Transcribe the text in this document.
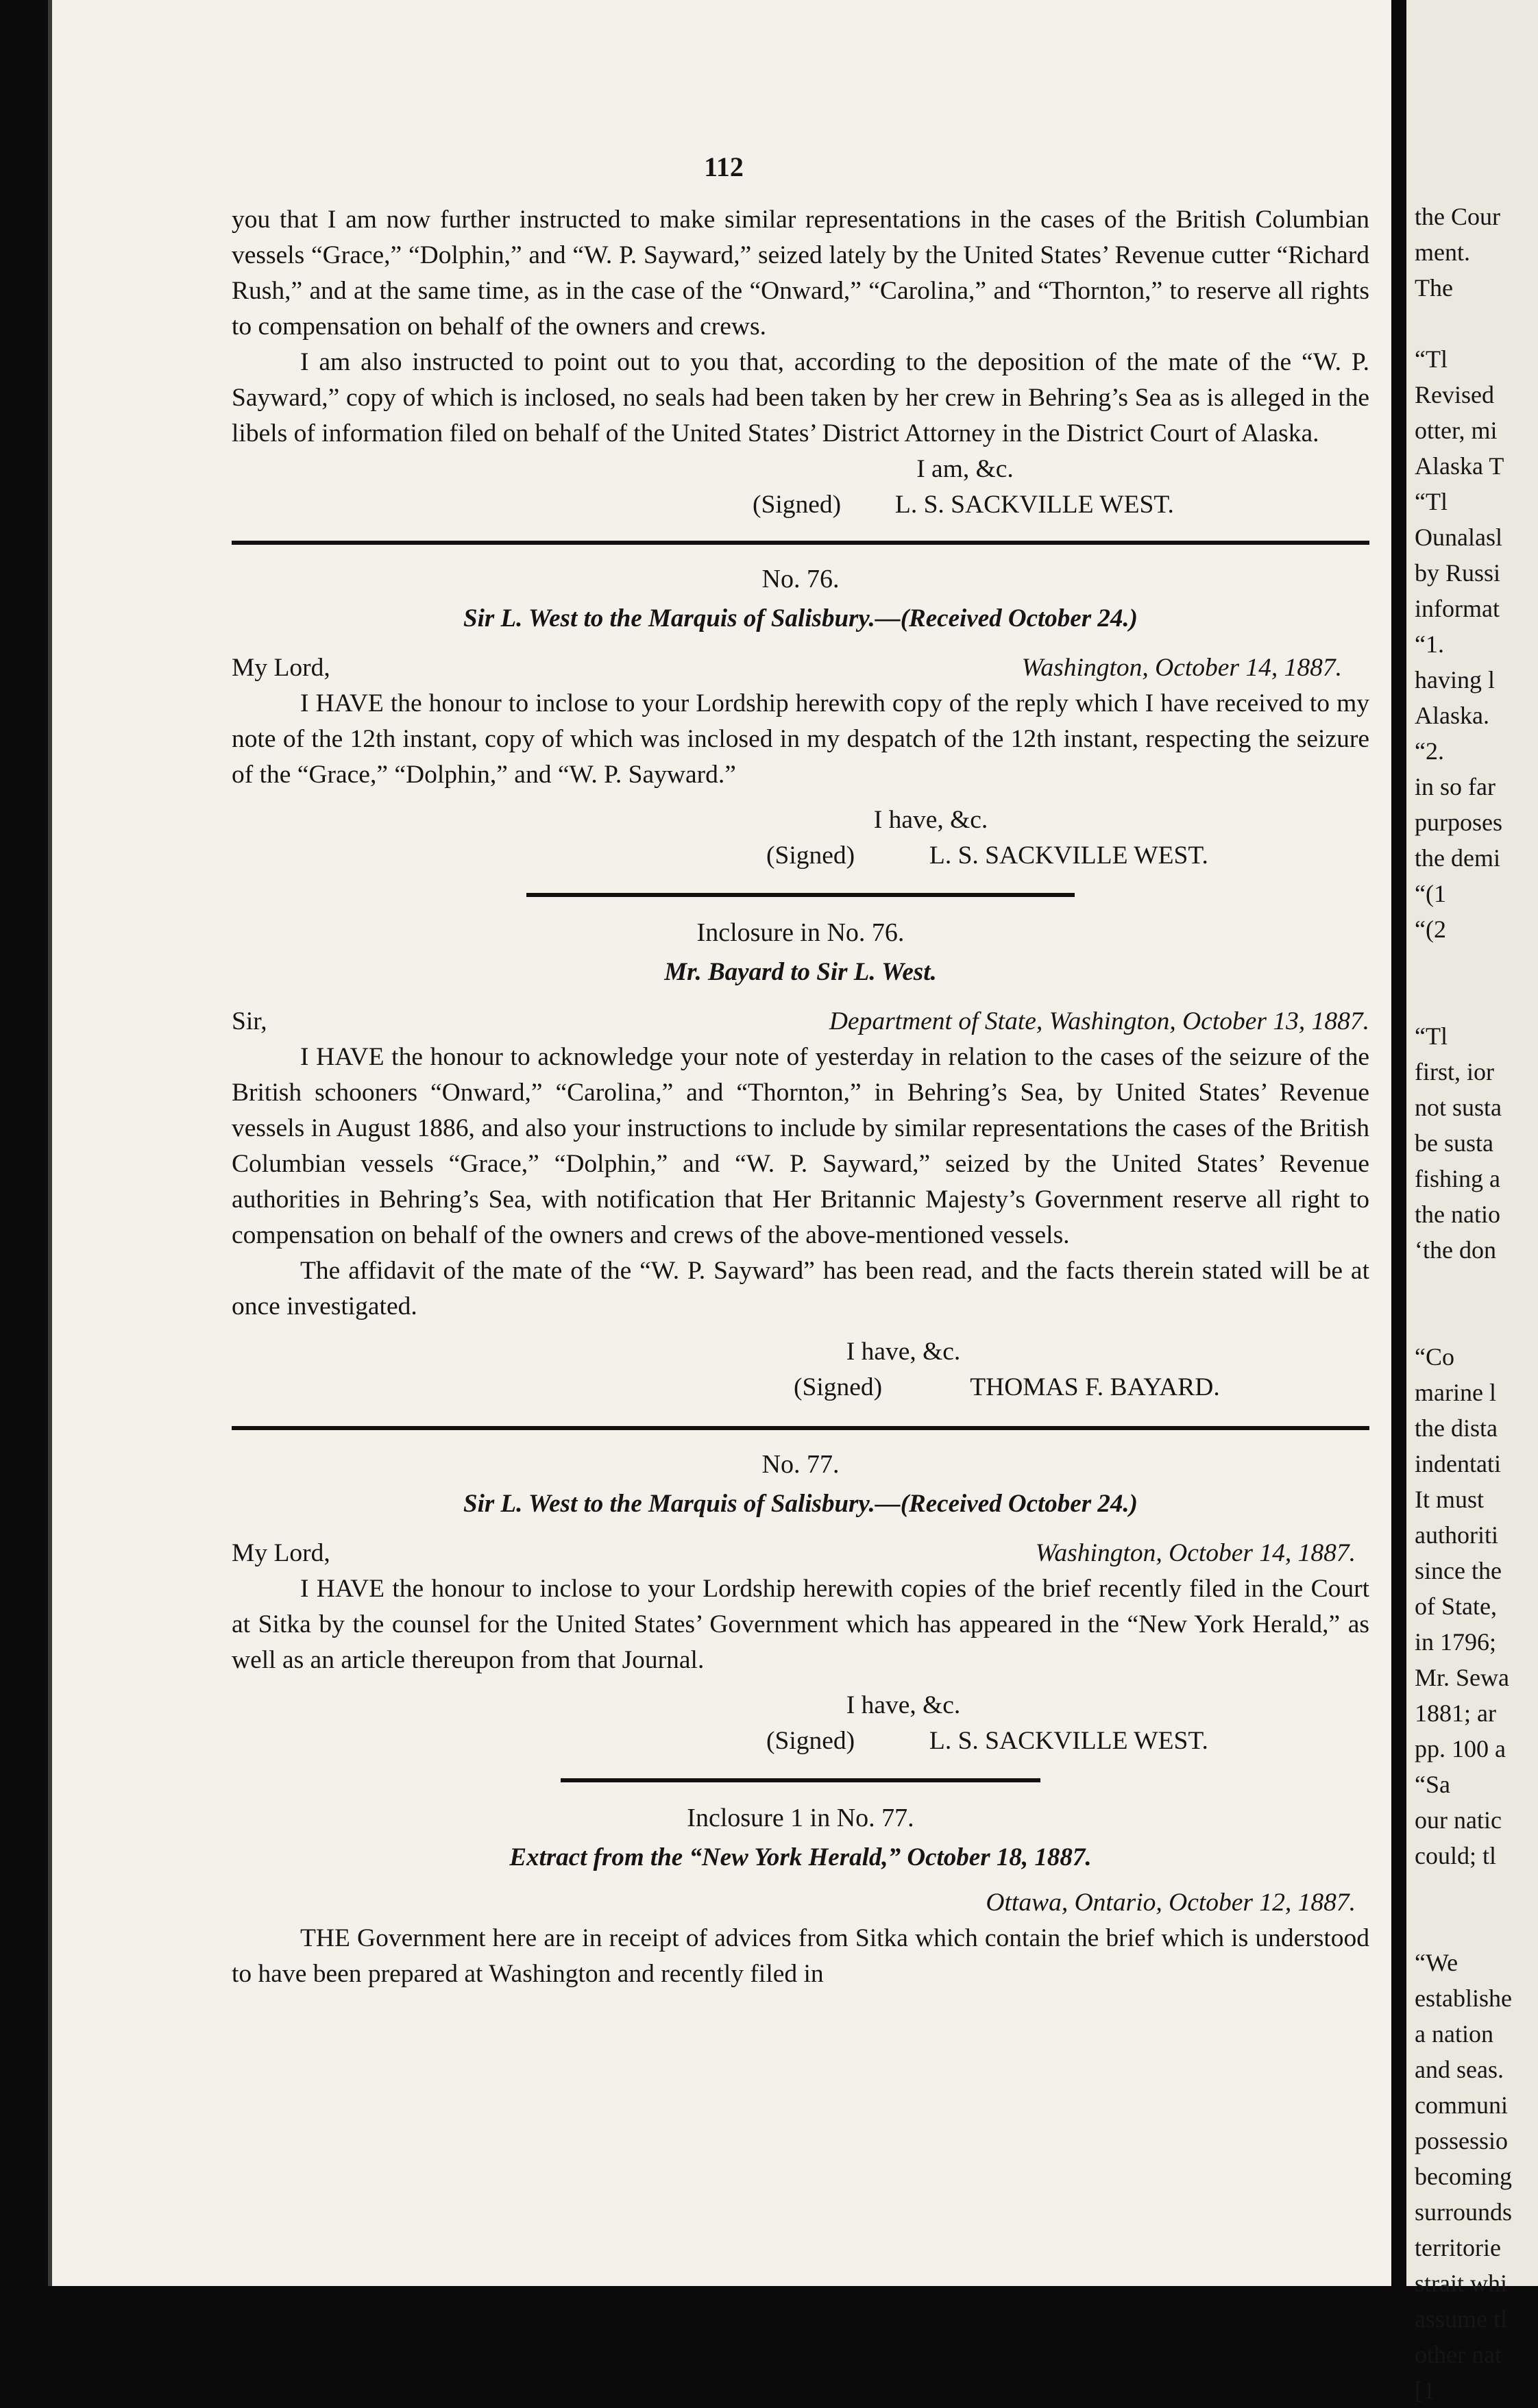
112

you that I am now further instructed to make similar representations in the cases of the British Columbian vessels “Grace,” “Dolphin,” and “W. P. Sayward,” seized lately by the United States’ Revenue cutter “Richard Rush,” and at the same time, as in the case of the “Onward,” “Carolina,” and “Thornton,” to reserve all rights to compensation on behalf of the owners and crews.

I am also instructed to point out to you that, according to the deposition of the mate of the “W. P. Sayward,” copy of which is inclosed, no seals had been taken by her crew in Behring’s Sea as is alleged in the libels of information filed on behalf of the United States’ District Attorney in the District Court of Alaska.

I am, &c.

(Signed) L. S. SACKVILLE WEST.

No. 76.

Sir L. West to the Marquis of Salisbury.—(Received October 24.)

My Lord,	Washington, October 14, 1887.

I HAVE the honour to inclose to your Lordship herewith copy of the reply which I have received to my note of the 12th instant, copy of which was inclosed in my despatch of the 12th instant, respecting the seizure of the “Grace,” “Dolphin,” and “W. P. Sayward.”

I have, &c.

(Signed)	L. S. SACKVILLE WEST.

Inclosure in No. 76.

Mr. Bayard to Sir L. West.

Sir,	Department of State, Washington, October 13, 1887.

I HAVE the honour to acknowledge your note of yesterday in relation to the cases of the seizure of the British schooners “Onward,” “Carolina,” and “Thornton,” in Behring’s Sea, by United States’ Revenue vessels in August 1886, and also your instructions to include by similar representations the cases of the British Columbian vessels “Grace,” “Dolphin,” and “W. P. Sayward,” seized by the United States’ Revenue authorities in Behring’s Sea, with notification that Her Britannic Majesty’s Government reserve all right to compensation on behalf of the owners and crews of the above-mentioned vessels.

The affidavit of the mate of the “W. P. Sayward” has been read, and the facts therein stated will be at once investigated.

I have, &c.

(Signed)	THOMAS F. BAYARD.

No. 77.

Sir L. West to the Marquis of Salisbury.—(Received October 24.)

My Lord,	Washington, October 14, 1887.

I HAVE the honour to inclose to your Lordship herewith copies of the brief recently filed in the Court at Sitka by the counsel for the United States’ Government which has appeared in the “New York Herald,” as well as an article thereupon from that Journal.

I have, &c.

(Signed)	L. S. SACKVILLE WEST.

Inclosure 1 in No. 77.

Extract from the “New York Herald,” October 18, 1887.

Ottawa, Ontario, October 12, 1887.

THE Government here are in receipt of advices from Sitka which contain the brief which is understood to have been prepared at Washington and recently filed in

the Cour
ment.
The

“Tl
Revised
otter, mi
Alaska T
“Tl
Ounalasl
by Russi
informat
“1.
having l
Alaska.
“2.
in so far
purposes
the demi
“(1
“(2

“Tl
first, ior
not susta
be susta
fishing a
the natio
‘the don

“Co
marine l
the dista
indentati
It must
authoriti
since the
of State,
in 1796;
Mr. Sewa
1881; ar
pp. 100 a
“Sa
our natic
could; tl

“We
establishe
a nation
and seas.
communi
possessio
becoming
surrounds
territorie
strait whi
assume tl
other nat
[1
